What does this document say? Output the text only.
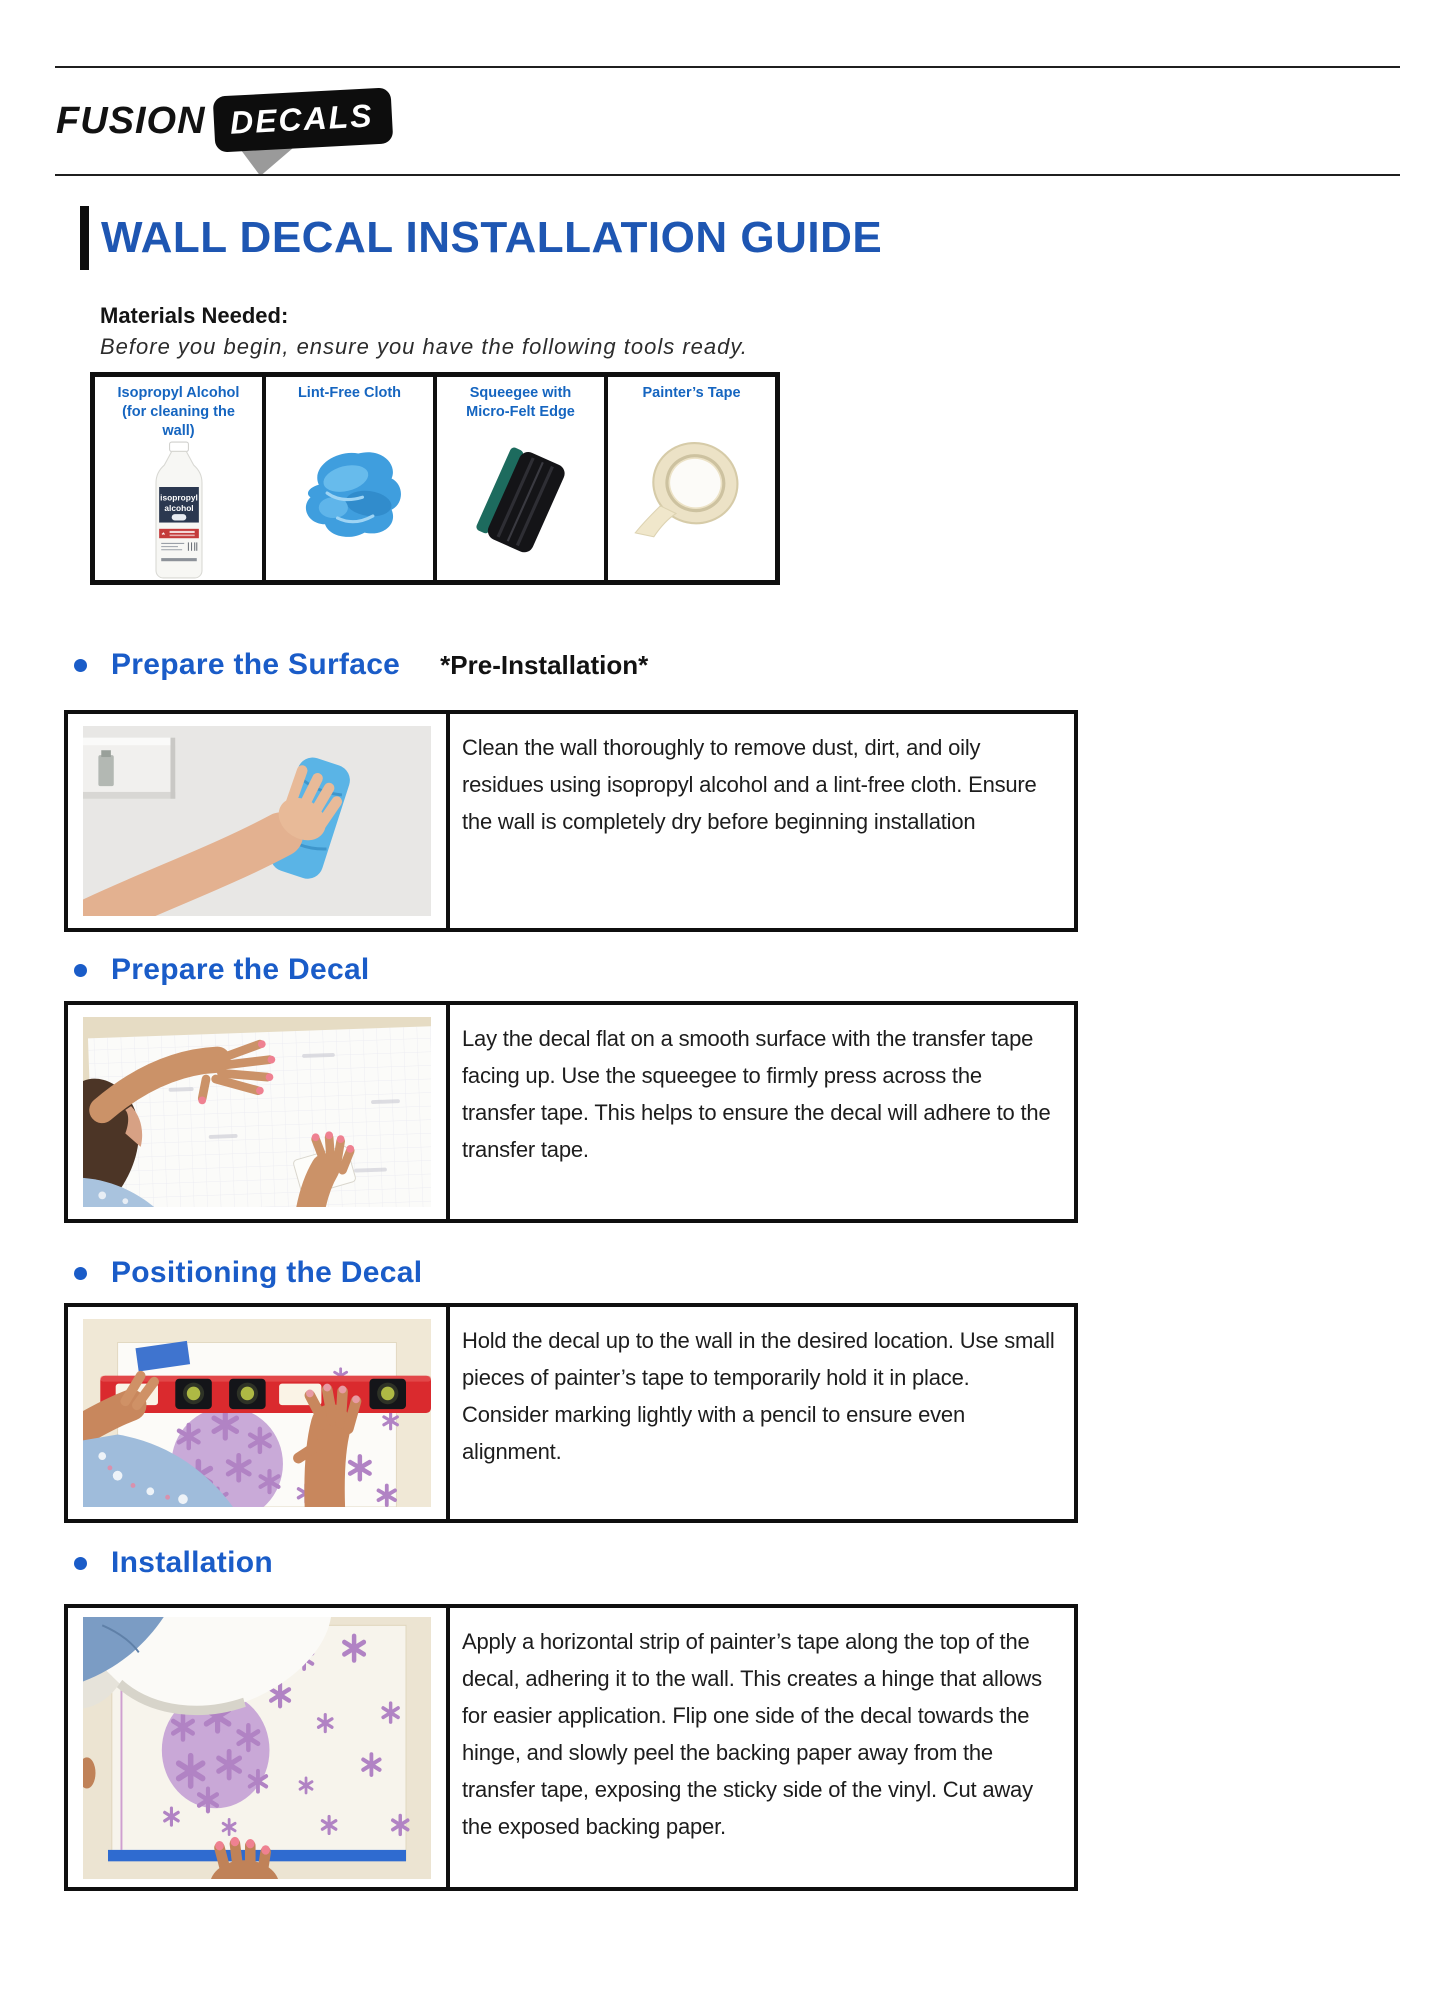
FUSION DECALS
WALL DECAL INSTALLATION GUIDE
Materials Needed:
Before you begin, ensure you have the following tools ready.
Isopropyl Alcohol (for cleaning the wall)
isopropyl
alcohol
Lint-Free Cloth	Squeegee with Micro-Felt Edge
Painter’s Tape
Prepare the Surface *Pre-Installation*
Clean the wall thoroughly to remove dust, dirt, and oily residues using isopropyl alcohol and a lint-free cloth. Ensure the wall is completely dry before beginning installation
Prepare the Decal
Lay the decal flat on a smooth surface with the transfer tape facing up. Use the squeegee to firmly press across the transfer tape. This helps to ensure the decal will adhere to the transfer tape.
Positioning the Decal
Hold the decal up to the wall in the desired location. Use small pieces of painter’s tape to temporarily hold it in place. Consider marking lightly with a pencil to ensure even alignment.
Installation
Apply a horizontal strip of painter’s tape along the top of the decal, adhering it to the wall. This creates a hinge that allows for easier application. Flip one side of the decal towards the hinge, and slowly peel the backing paper away from the transfer tape, exposing the sticky side of the vinyl. Cut away the exposed backing paper.
